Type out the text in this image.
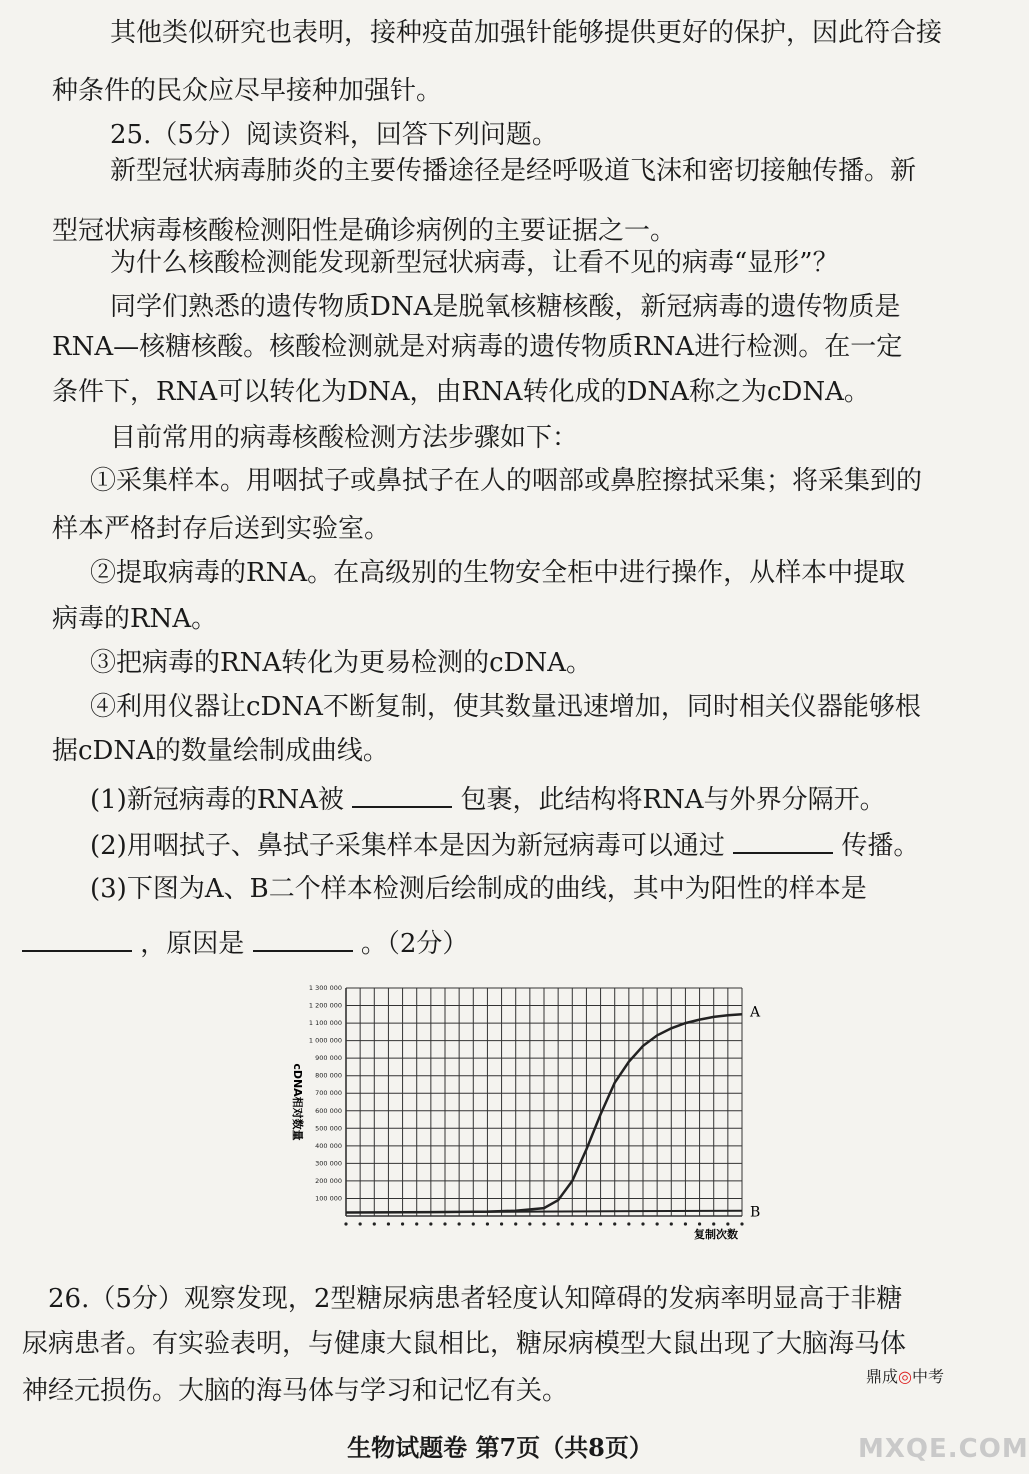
其他类似研究也表明，接种疫苗加强针能够提供更好的保护，因此符合接
种条件的民众应尽早接种加强针。
25.（5分）阅读资料，回答下列问题。
新型冠状病毒肺炎的主要传播途径是经呼吸道飞沫和密切接触传播。新
型冠状病毒核酸检测阳性是确诊病例的主要证据之一。
为什么核酸检测能发现新型冠状病毒，让看不见的病毒“显形”？
同学们熟悉的遗传物质DNA是脱氧核糖核酸，新冠病毒的遗传物质是
RNA—核糖核酸。核酸检测就是对病毒的遗传物质RNA进行检测。在一定
条件下，RNA可以转化为DNA，由RNA转化成的DNA称之为cDNA。
目前常用的病毒核酸检测方法步骤如下：
①采集样本。用咽拭子或鼻拭子在人的咽部或鼻腔擦拭采集；将采集到的
样本严格封存后送到实验室。
②提取病毒的RNA。在高级别的生物安全柜中进行操作，从样本中提取
病毒的RNA。
③把病毒的RNA转化为更易检测的cDNA。
④利用仪器让cDNA不断复制，使其数量迅速增加，同时相关仪器能够根
据cDNA的数量绘制成曲线。
(1)新冠病毒的RNA被	包裹，此结构将RNA与外界分隔开。
(2)用咽拭子、鼻拭子采集样本是因为新冠病毒可以通过	传播。
(3)下图为A、B二个样本检测后绘制成的曲线，其中为阳性的样本是
，原因是	。（2分）
100 000
200 000
300 000
400 000
500 000
600 000
700 000
800 000
900 000
1 000 000
1 100 000
1 200 000
1 300 000
A
B
cDNA相对数量
复制次数
26.（5分）观察发现，2型糖尿病患者轻度认知障碍的发病率明显高于非糖
尿病患者。有实验表明，与健康大鼠相比，糖尿病模型大鼠出现了大脑海马体
神经元损伤。大脑的海马体与学习和记忆有关。	鼎成◎中考
MXQE.COM
生物试题卷 第7页（共8页）
